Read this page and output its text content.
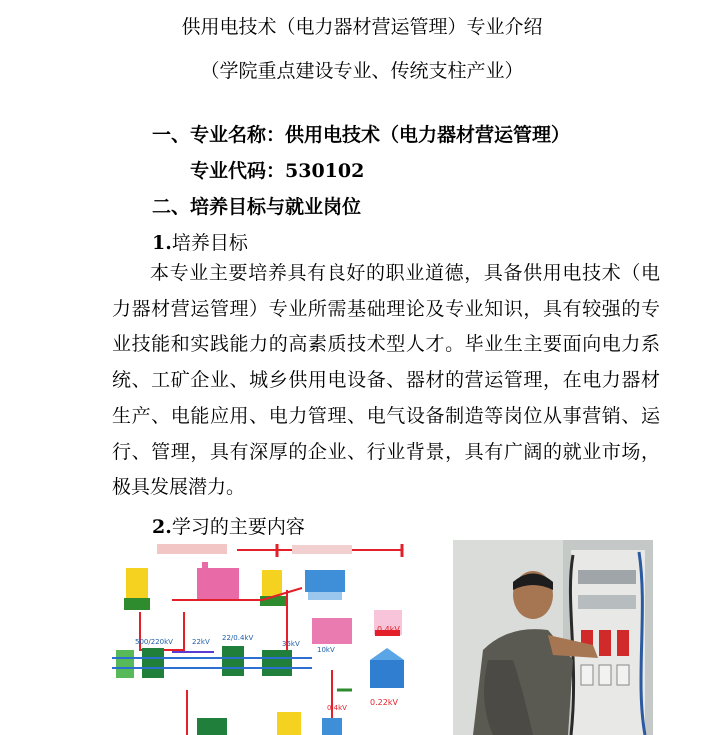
供用电技术（电力器材营运管理）专业介绍
（学院重点建设专业、传统支柱产业）
一、专业名称：供用电技术（电力器材营运管理）
专业代码：530102
二、培养目标与就业岗位
1.培养目标
本专业主要培养具有良好的职业道德，具备供用电技术（电力器材营运管理）专业所需基础理论及专业知识，具有较强的专业技能和实践能力的高素质技术型人才。毕业生主要面向电力系统、工矿企业、城乡供用电设备、器材的营运管理，在电力器材生产、电能应用、电力管理、电气设备制造等岗位从事营销、运行、管理，具有深厚的企业、行业背景，具有广阔的就业市场，极具发展潜力。
2.学习的主要内容
500/220kV	22kV 22/0.4kV
35kV
0.4kV
10kV
0.4kV
0.22kV
